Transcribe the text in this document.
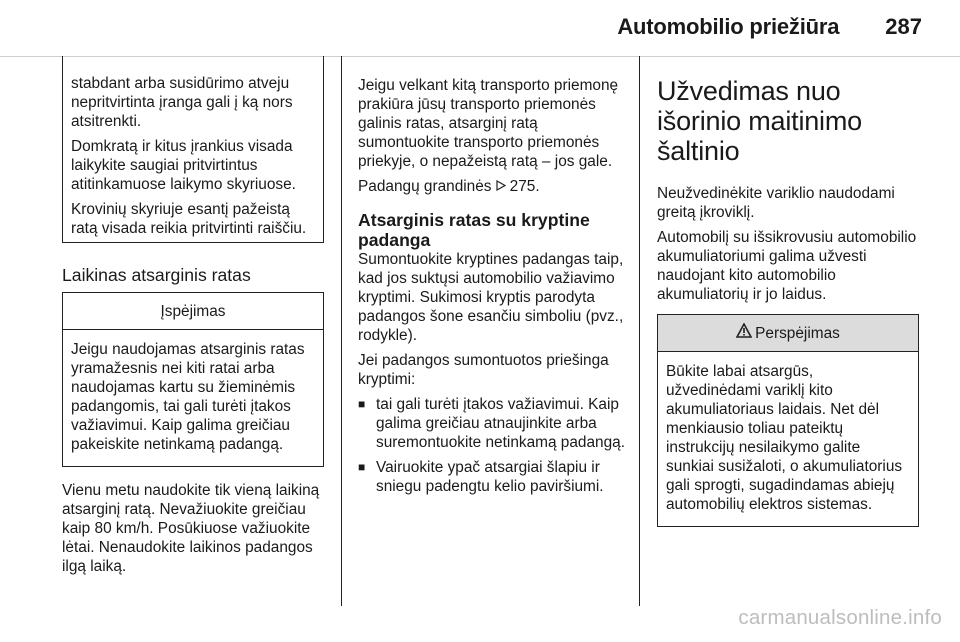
Automobilio priežiūra 287

stabdant arba susidūrimo atveju nepritvirtinta įranga gali į ką nors atsitrenkti.

Domkratą ir kitus įrankius visada laikykite saugiai pritvirtintus atitinkamuose laikymo skyriuose.

Krovinių skyriuje esantį pažeistą ratą visada reikia pritvirtinti raiščiu.

Laikinas atsarginis ratas
Įspėjimas

Jeigu naudojamas atsarginis ratas yramažesnis nei kiti ratai arba naudojamas kartu su žieminėmis padangomis, tai gali turėti įtakos važiavimui. Kaip galima greičiau pakeiskite netinkamą padangą.

Vienu metu naudokite tik vieną laikiną atsarginį ratą. Nevažiuokite greičiau kaip 80 km/h. Posūkiuose važiuokite lėtai. Nenaudokite laikinos padangos ilgą laiką.

Jeigu velkant kitą transporto priemonę prakiūra jūsų transporto priemonės galinis ratas, atsarginį ratą sumontuokite transporto priemonės priekyje, o nepažeistą ratą – jos gale.

Padangų grandinės 275.

Atsarginis ratas su kryptine padanga

Sumontuokite kryptines padangas taip, kad jos suktųsi automobilio važiavimo kryptimi. Sukimosi kryptis parodyta padangos šone esančiu simboliu (pvz., rodykle).

Jei padangos sumontuotos priešinga kryptimi:

■ tai gali turėti įtakos važiavimui. Kaip galima greičiau atnaujinkite arba suremontuokite netinkamą padangą.
■ Vairuokite ypač atsargiai šlapiu ir sniegu padengtu kelio paviršiumi.
Užvedimas nuo išorinio maitinimo šaltinio

Neužvedinėkite variklio naudodami greitą įkroviklį.

Automobilį su išsikrovusiu automobilio akumuliatoriumi galima užvesti naudojant kito automobilio akumuliatorių ir jo laidus.

Perspėjimas

Būkite labai atsargūs, užvedinėdami variklį kito akumuliatoriaus laidais. Net dėl menkiausio toliau pateiktų instrukcijų nesilaikymo galite sunkiai susižaloti, o akumuliatorius gali sprogti, sugadindamas abiejų automobilių elektros sistemas.

carmanualsonline.info
